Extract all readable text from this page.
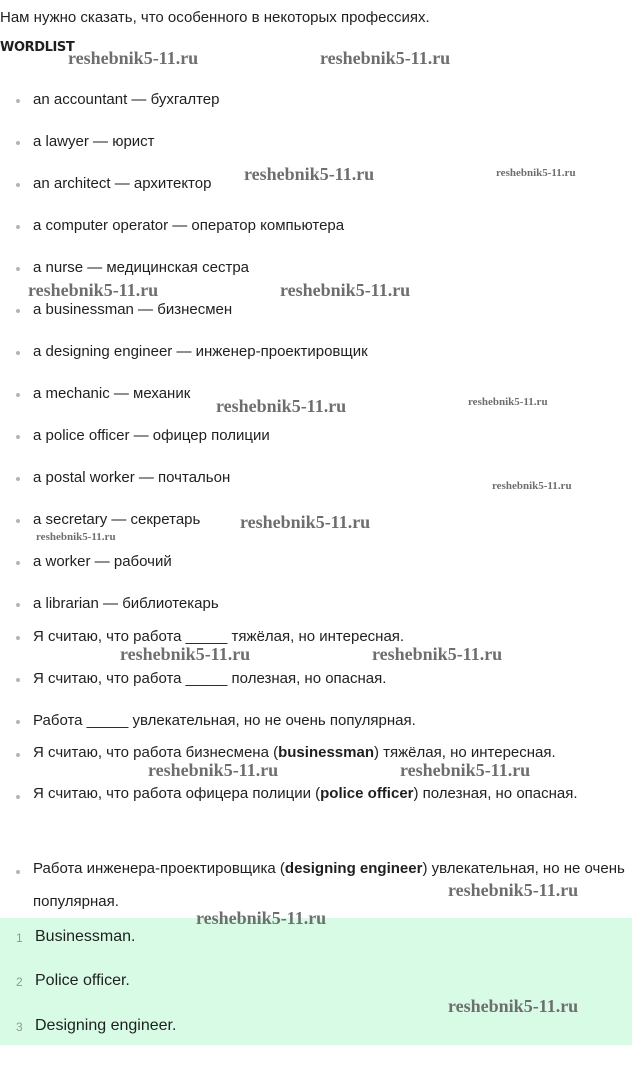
Нам нужно сказать, что особенного в некоторых профессиях.
WORDLIST
an accountant — бухгалтер
a lawyer — юрист
an architect — архитектор
a computer operator — оператор компьютера
a nurse — медицинская сестра
a businessman — бизнесмен
a designing engineer — инженер-проектировщик
a mechanic — механик
a police officer — офицер полиции
a postal worker — почтальон
a secretary — секретарь
a worker — рабочий
a librarian — библиотекарь
Я считаю, что работа _____ тяжёлая, но интересная.
Я считаю, что работа _____ полезная, но опасная.
Работа _____ увлекательная, но не очень популярная.
Я считаю, что работа бизнесмена (businessman) тяжёлая, но интересная.
Я считаю, что работа офицера полиции (police officer) полезная, но опасная.
Работа инженера-проектировщика (designing engineer) увлекательная, но не очень популярная.
1 Businessman.
2 Police officer.
3 Designing engineer.
reshebnik5-11.ru	reshebnik5-11.ru
reshebnik5-11.ru	reshebnik5-11.ru
reshebnik5-11.ru	reshebnik5-11.ru
reshebnik5-11.ru	reshebnik5-11.ru
reshebnik5-11.ru
reshebnik5-11.ru
reshebnik5-11.ru
reshebnik5-11.ru	reshebnik5-11.ru
reshebnik5-11.ru	reshebnik5-11.ru
reshebnik5-11.ru
reshebnik5-11.ru
reshebnik5-11.ru
